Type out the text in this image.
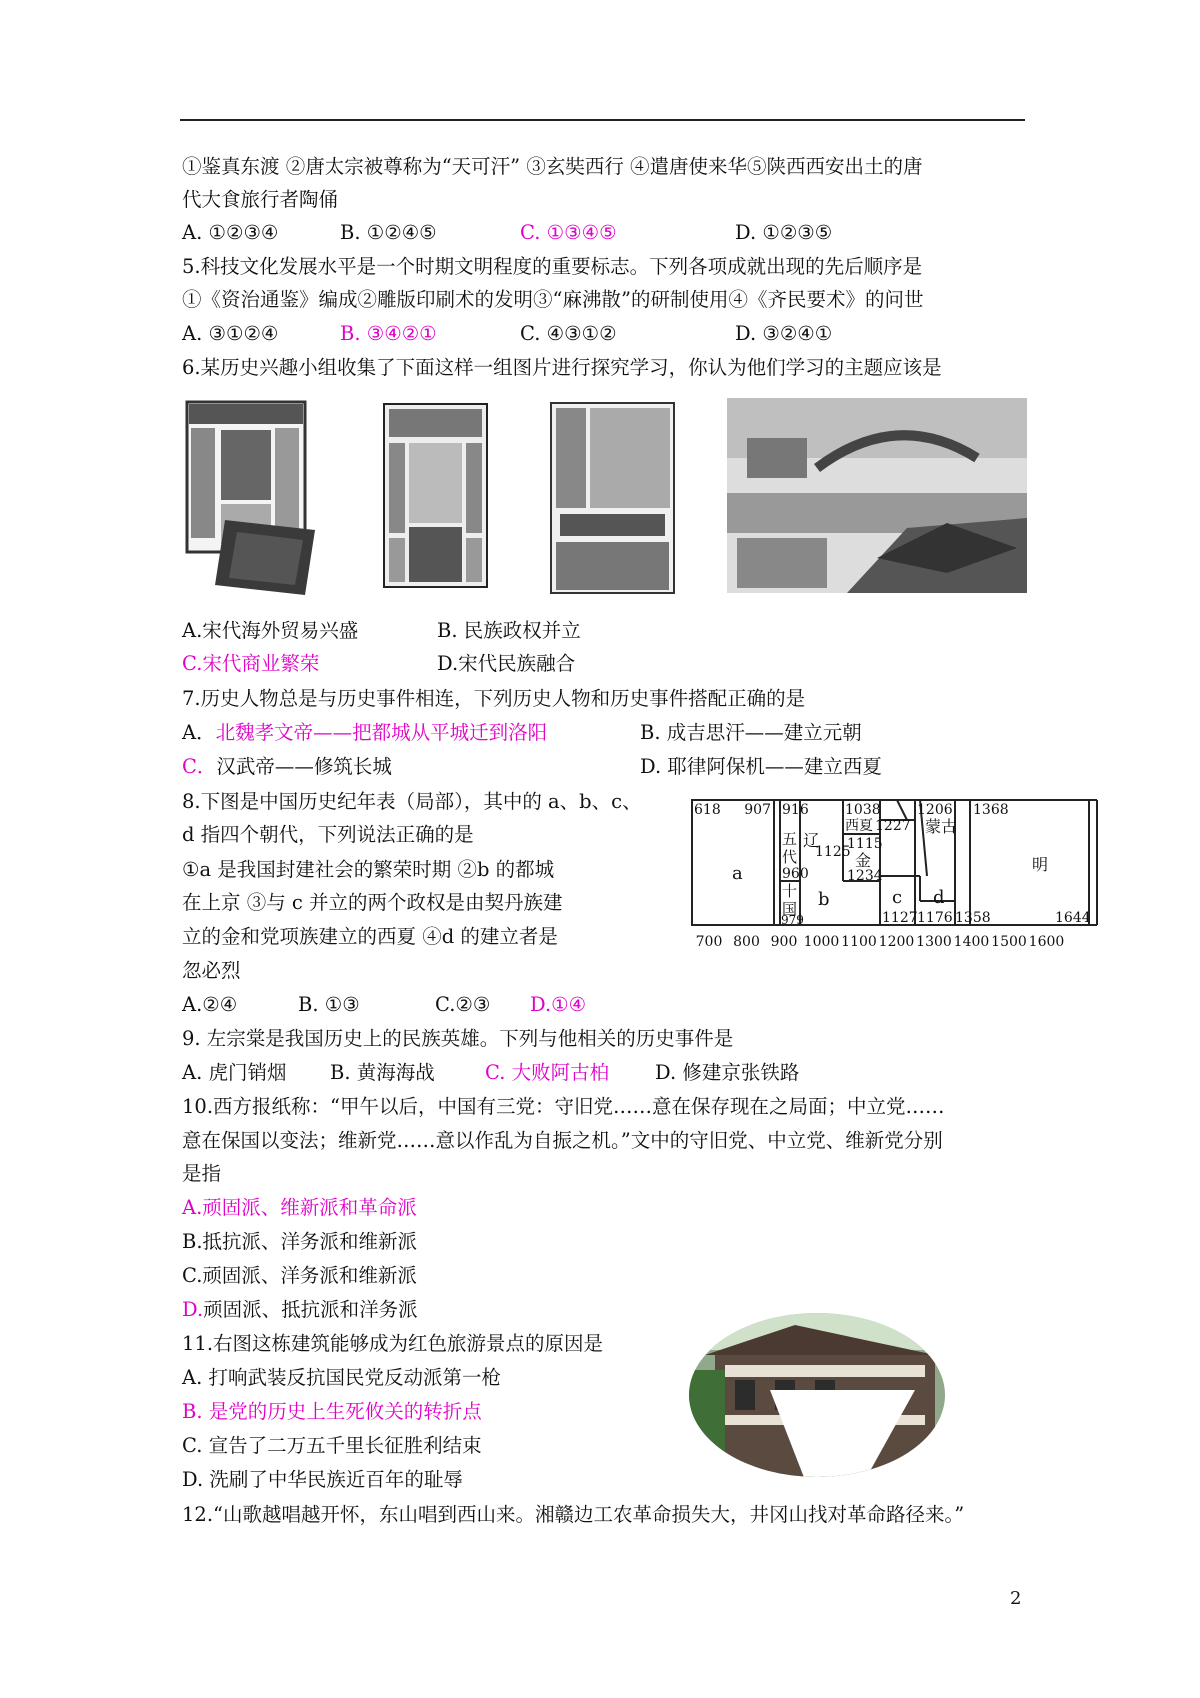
①鉴真东渡 ②唐太宗被尊称为“天可汗” ③玄奘西行 ④遣唐使来华⑤陕西西安出土的唐
代大食旅行者陶俑
A. ①②③④	B. ①②④⑤	C. ①③④⑤	D. ①②③⑤
5.科技文化发展水平是一个时期文明程度的重要标志。下列各项成就出现的先后顺序是
①《资治通鉴》编成②雕版印刷术的发明③“麻沸散”的研制使用④《齐民要术》的问世
A. ③①②④	B. ③④②①	C. ④③①②	D. ③②④①
6.某历史兴趣小组收集了下面这样一组图片进行探究学习，你认为他们学习的主题应该是
A.宋代海外贸易兴盛	B. 民族政权并立
C.宋代商业繁荣	D.宋代民族融合
7.历史人物总是与历史事件相连，下列历史人物和历史事件搭配正确的是
A．北魏孝文帝——把都城从平城迁到洛阳	B. 成吉思汗——建立元朝
C．汉武帝——修筑长城	D. 耶律阿保机——建立西夏
8.下图是中国历史纪年表（局部），其中的 a、b、c、
d 指四个朝代，下列说法正确的是
①a 是我国封建社会的繁荣时期 ②b 的都城
在上京 ③与 c 并立的两个政权是由契丹族建
立的金和党项族建立的西夏 ④d 的建立者是
忽必烈
A.②④	B. ①③	C.②③ D.①④
618 907 916	1038	1206 1368
西夏 1227 蒙古
辽
1125
1115
金
1234
五
代
960
十
国
979
a
b	c d
明
1127 1176 1358	1644
700 800 900 1000 1100 1200 1300 1400 1500 1600
9. 左宗棠是我国历史上的民族英雄。下列与他相关的历史事件是
A. 虎门销烟 B. 黄海海战	C. 大败阿古柏 D. 修建京张铁路
10.西方报纸称：“甲午以后，中国有三党：守旧党……意在保存现在之局面；中立党……
意在保国以变法；维新党……意以作乱为自振之机。”文中的守旧党、中立党、维新党分别
是指
A.顽固派、维新派和革命派
B.抵抗派、洋务派和维新派
C.顽固派、洋务派和维新派
D.顽固派、抵抗派和洋务派
11.右图这栋建筑能够成为红色旅游景点的原因是
A. 打响武装反抗国民党反动派第一枪
B. 是党的历史上生死攸关的转折点
C. 宣告了二万五千里长征胜利结束
D. 洗刷了中华民族近百年的耻辱
12.“山歌越唱越开怀，东山唱到西山来。湘赣边工农革命损失大，井冈山找对革命路径来。”
2
